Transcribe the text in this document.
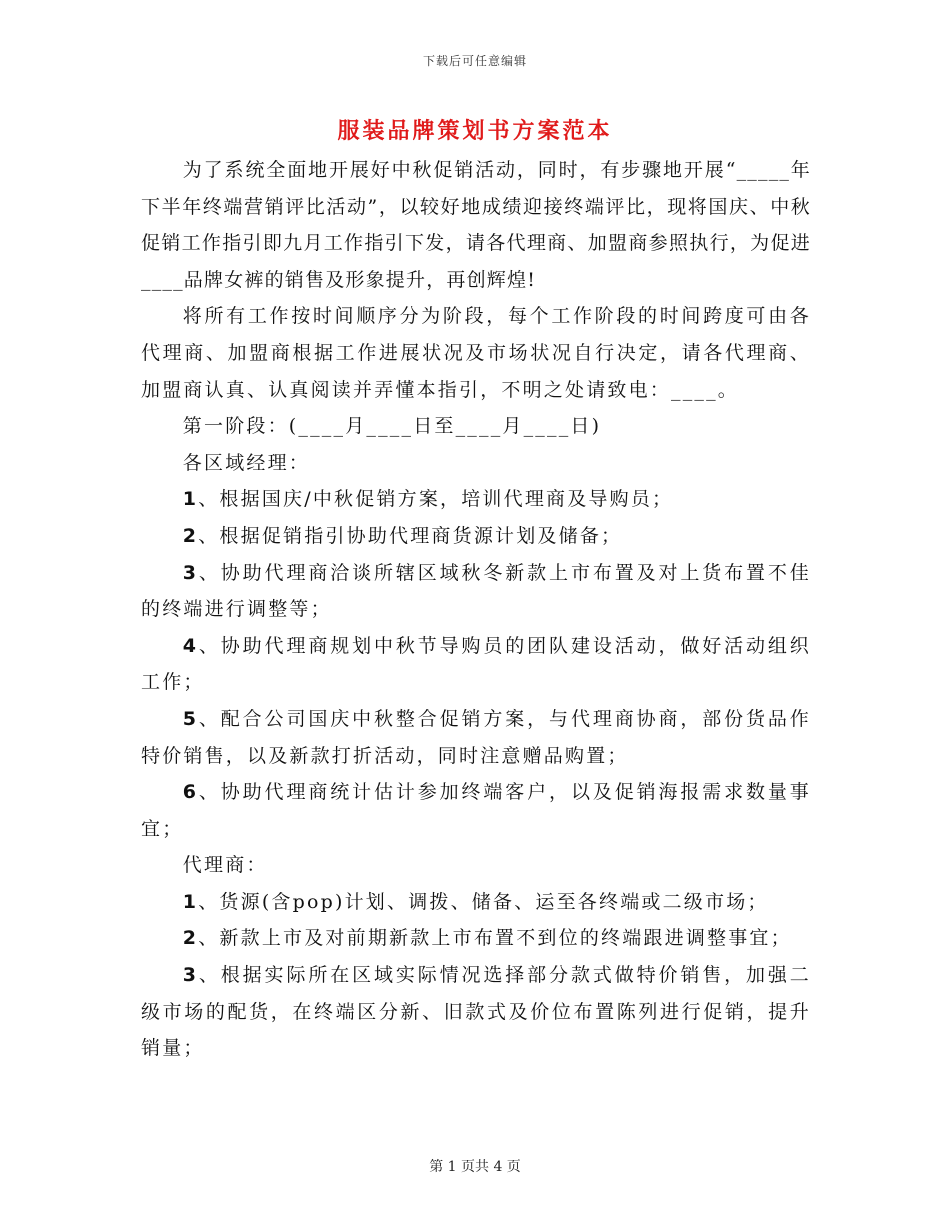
下载后可任意编辑
服装品牌策划书方案范本

为了系统全面地开展好中秋促销活动，同时，有步骤地开展“_____年下半年终端营销评比活动”，以较好地成绩迎接终端评比，现将国庆、中秋促销工作指引即九月工作指引下发，请各代理商、加盟商参照执行，为促进____品牌女裤的销售及形象提升，再创辉煌!

将所有工作按时间顺序分为阶段，每个工作阶段的时间跨度可由各代理商、加盟商根据工作进展状况及市场状况自行决定，请各代理商、加盟商认真、认真阅读并弄懂本指引，不明之处请致电：____。

第一阶段：(____月____日至____月____日)

各区域经理：

1、根据国庆/中秋促销方案，培训代理商及导购员；

2、根据促销指引协助代理商货源计划及储备；

3、协助代理商洽谈所辖区域秋冬新款上市布置及对上货布置不佳的终端进行调整等；

4、协助代理商规划中秋节导购员的团队建设活动，做好活动组织工作；

5、配合公司国庆中秋整合促销方案，与代理商协商，部份货品作特价销售，以及新款打折活动，同时注意赠品购置；

6、协助代理商统计估计参加终端客户，以及促销海报需求数量事宜；

代理商：

1、货源(含pop)计划、调拨、储备、运至各终端或二级市场；

2、新款上市及对前期新款上市布置不到位的终端跟进调整事宜；

3、根据实际所在区域实际情况选择部分款式做特价销售，加强二级市场的配货，在终端区分新、旧款式及价位布置陈列进行促销，提升销量；

第 1 页共 4 页
